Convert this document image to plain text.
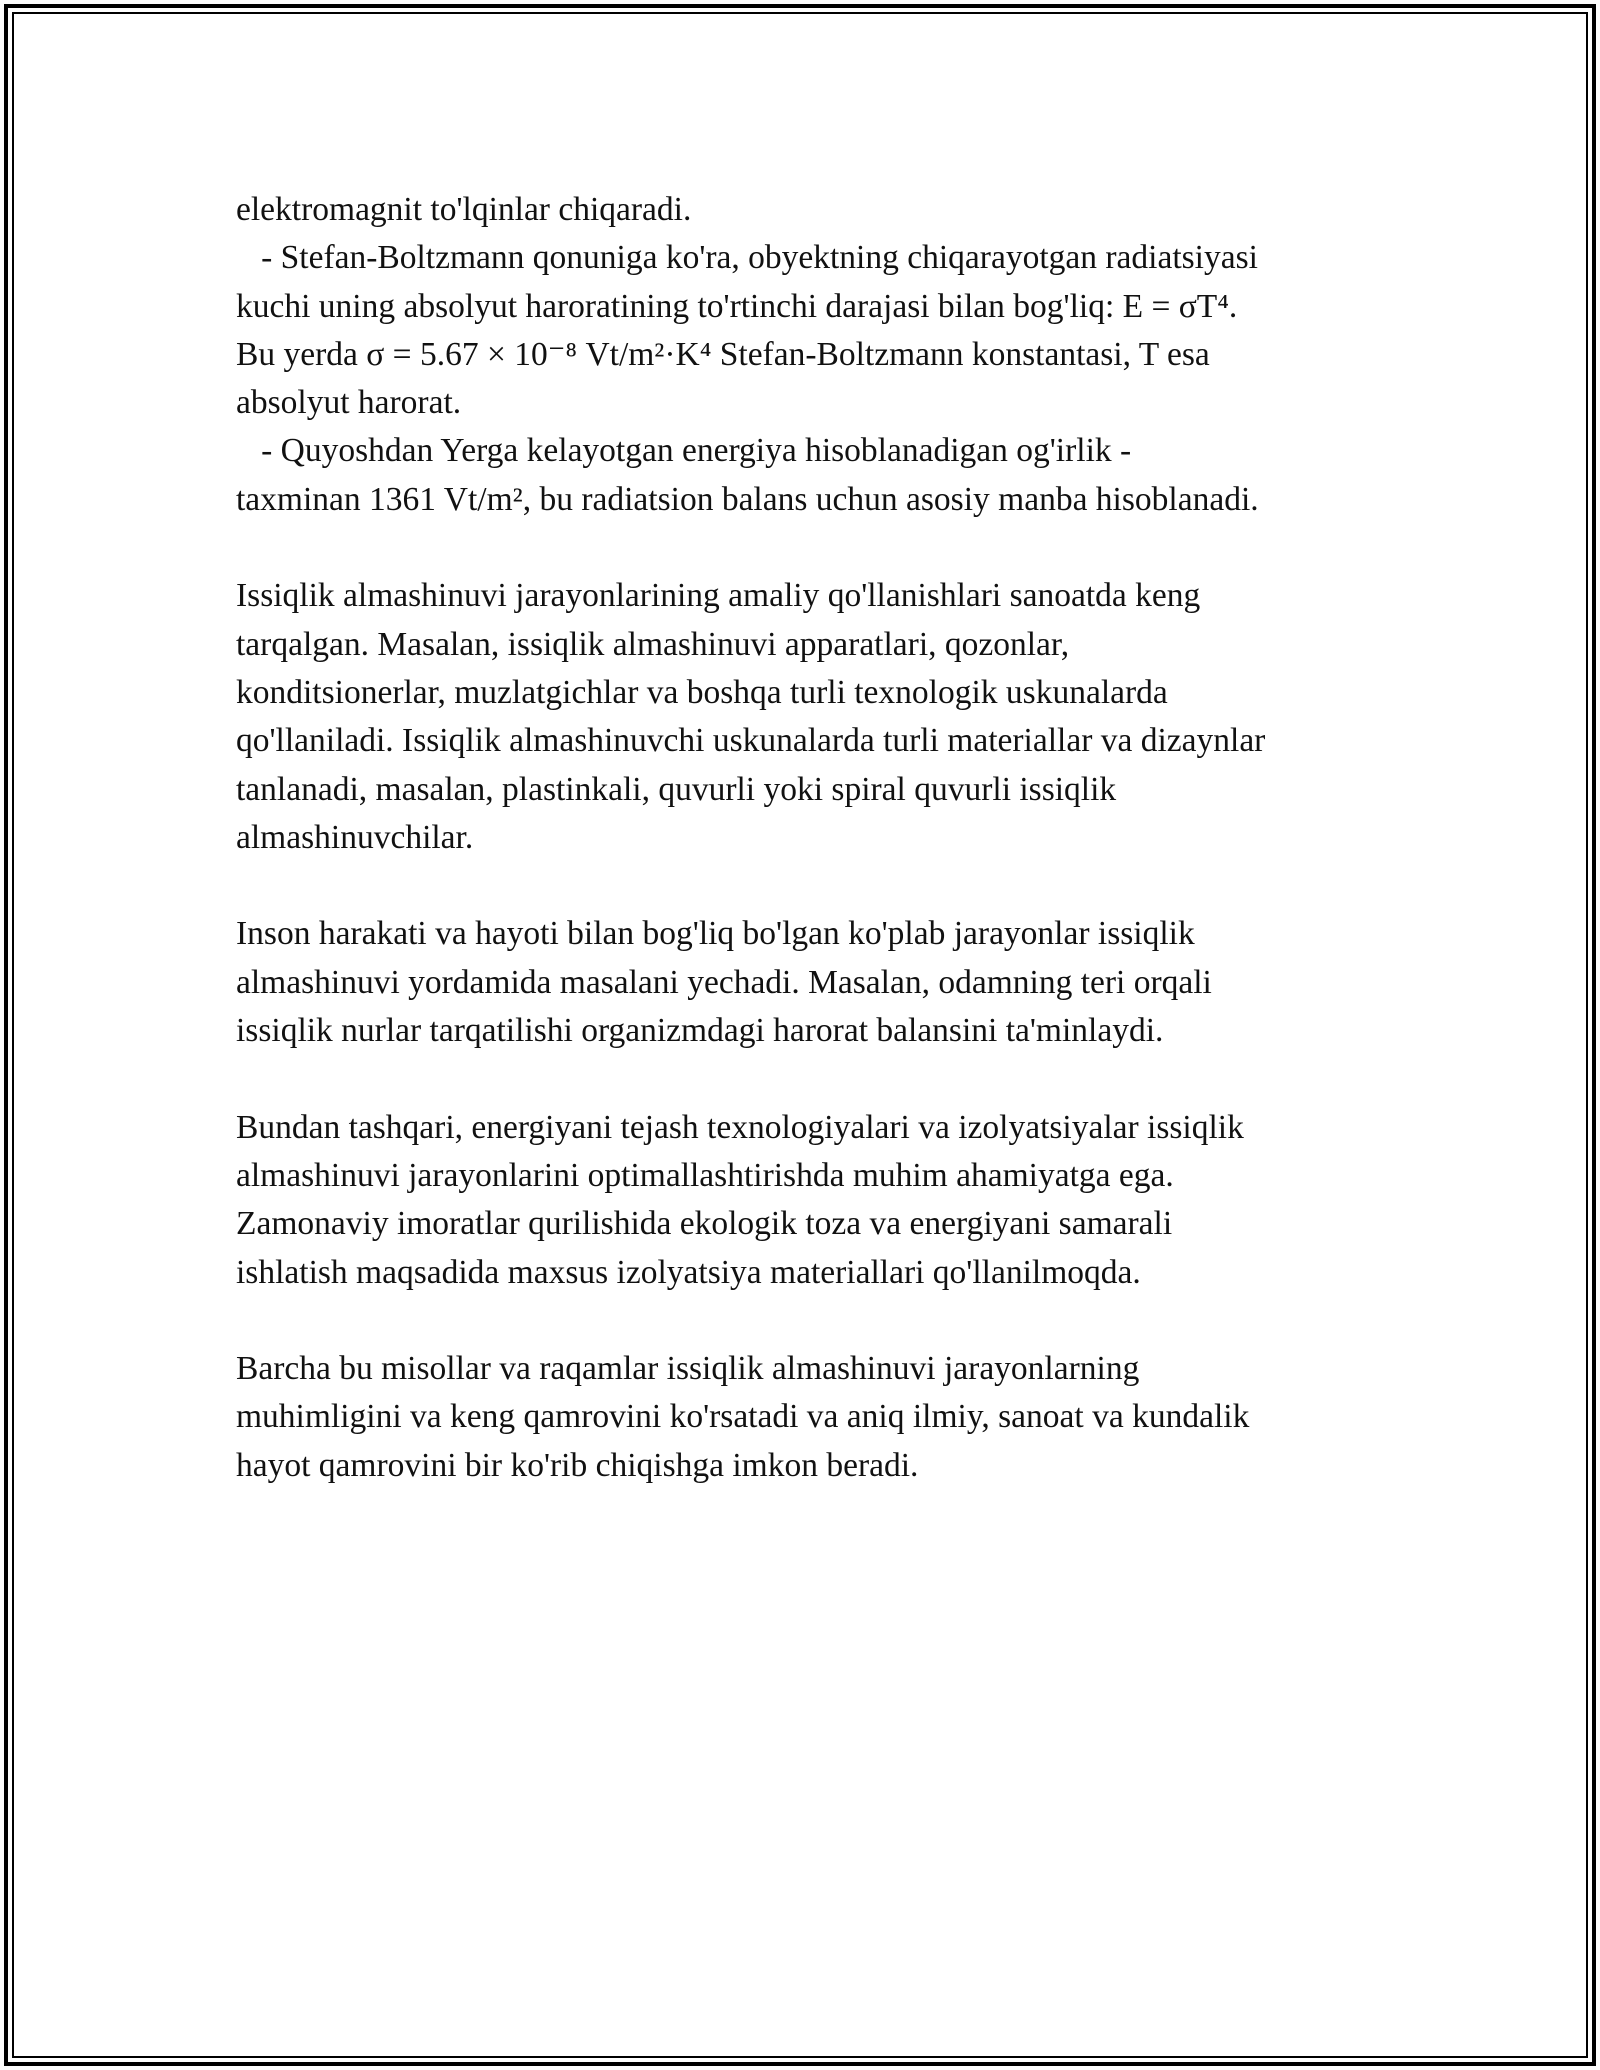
elektromagnit to'lqinlar chiqaradi.
- Stefan-Boltzmann qonuniga ko'ra, obyektning chiqarayotgan radiatsiyasi
kuchi uning absolyut haroratining to'rtinchi darajasi bilan bog'liq: E = σT⁴.
Bu yerda σ = 5.67 × 10⁻⁸ Vt/m²·K⁴ Stefan-Boltzmann konstantasi, T esa
absolyut harorat.
- Quyoshdan Yerga kelayotgan energiya hisoblanadigan og'irlik -
taxminan 1361 Vt/m², bu radiatsion balans uchun asosiy manba hisoblanadi.

Issiqlik almashinuvi jarayonlarining amaliy qo'llanishlari sanoatda keng
tarqalgan. Masalan, issiqlik almashinuvi apparatlari, qozonlar,
konditsionerlar, muzlatgichlar va boshqa turli texnologik uskunalarda
qo'llaniladi. Issiqlik almashinuvchi uskunalarda turli materiallar va dizaynlar
tanlanadi, masalan, plastinkali, quvurli yoki spiral quvurli issiqlik
almashinuvchilar.

Inson harakati va hayoti bilan bog'liq bo'lgan ko'plab jarayonlar issiqlik
almashinuvi yordamida masalani yechadi. Masalan, odamning teri orqali
issiqlik nurlar tarqatilishi organizmdagi harorat balansini ta'minlaydi.

Bundan tashqari, energiyani tejash texnologiyalari va izolyatsiyalar issiqlik
almashinuvi jarayonlarini optimallashtirishda muhim ahamiyatga ega.
Zamonaviy imoratlar qurilishida ekologik toza va energiyani samarali
ishlatish maqsadida maxsus izolyatsiya materiallari qo'llanilmoqda.

Barcha bu misollar va raqamlar issiqlik almashinuvi jarayonlarning
muhimligini va keng qamrovini ko'rsatadi va aniq ilmiy, sanoat va kundalik
hayot qamrovini bir ko'rib chiqishga imkon beradi.
